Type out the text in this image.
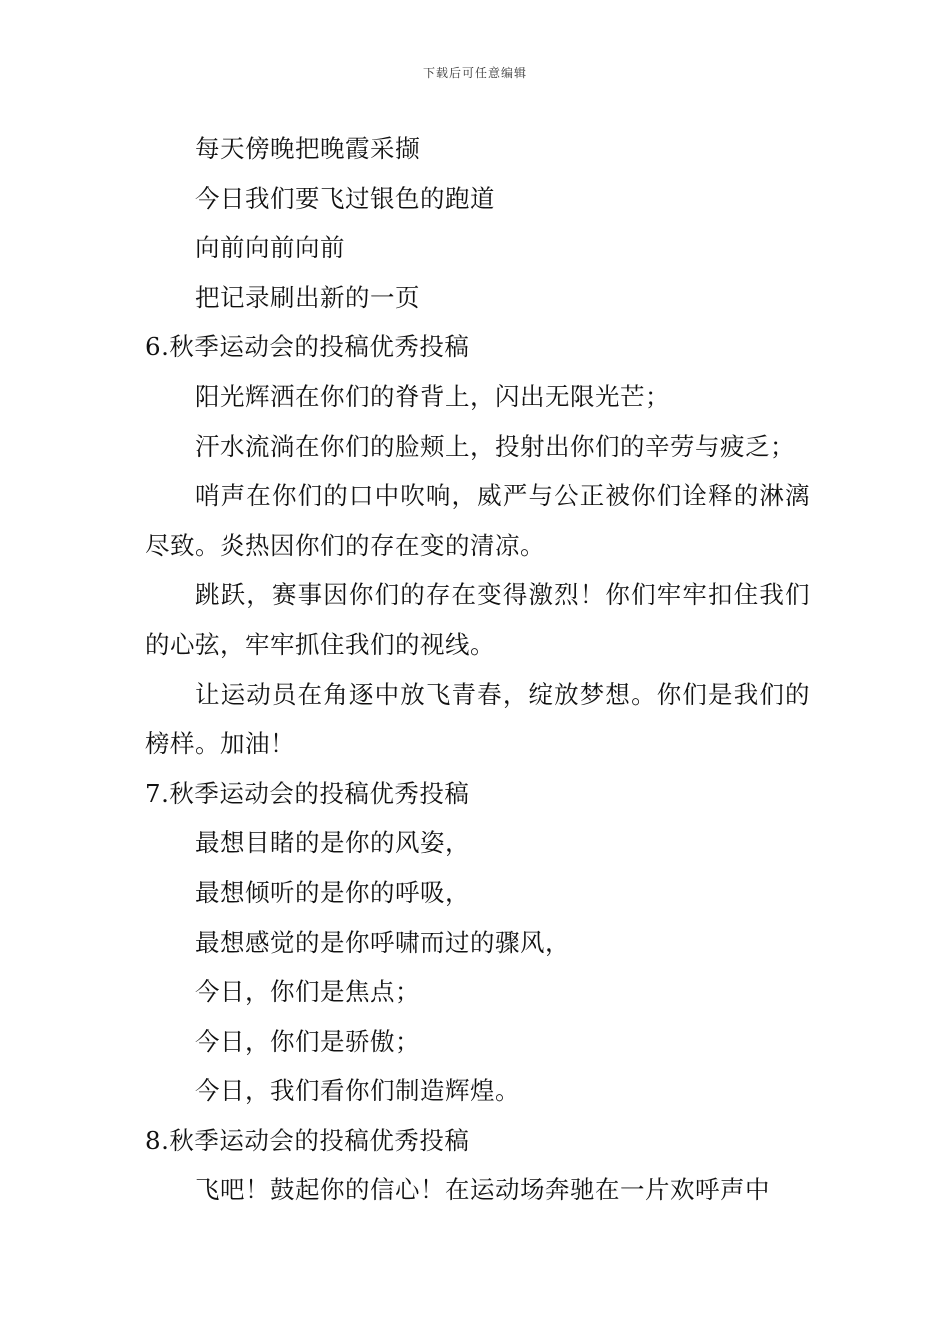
下载后可任意编辑
每天傍晚把晚霞采撷
今日我们要飞过银色的跑道
向前向前向前
把记录刷出新的一页
6.秋季运动会的投稿优秀投稿
阳光辉洒在你们的脊背上，闪出无限光芒；
汗水流淌在你们的脸颊上，投射出你们的辛劳与疲乏；
哨声在你们的口中吹响，威严与公正被你们诠释的淋漓尽致。炎热因你们的存在变的清凉。
跳跃，赛事因你们的存在变得激烈！你们牢牢扣住我们的心弦，牢牢抓住我们的视线。
让运动员在角逐中放飞青春，绽放梦想。你们是我们的榜样。加油！
7.秋季运动会的投稿优秀投稿
最想目睹的是你的风姿，
最想倾听的是你的呼吸，
最想感觉的是你呼啸而过的骤风，
今日，你们是焦点；
今日，你们是骄傲；
今日，我们看你们制造辉煌。
8.秋季运动会的投稿优秀投稿
飞吧！鼓起你的信心！在运动场奔驰在一片欢呼声中
